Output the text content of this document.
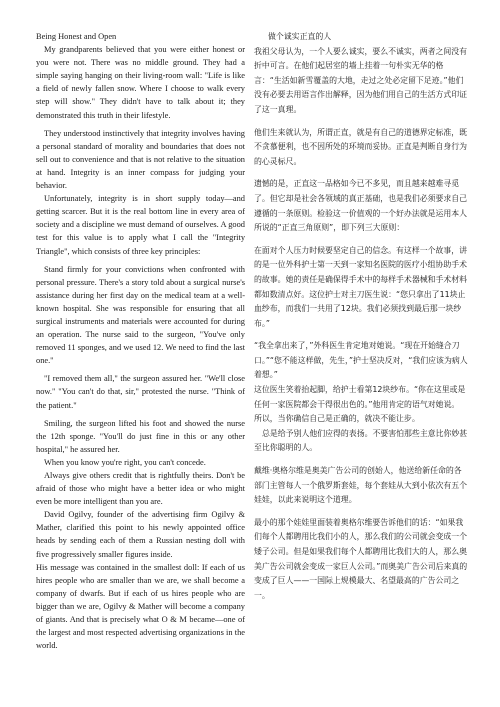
Being Honest and Open
My grandparents believed that you were either honest or you were not. There was no middle ground. They had a simple saying hanging on their living-room wall: "Life is like a field of newly fallen snow. Where I choose to walk every step will show." They didn't have to talk about it; they demonstrated this truth in their lifestyle.
They understood instinctively that integrity involves having a personal standard of morality and boundaries that does not sell out to convenience and that is not relative to the situation at hand. Integrity is an inner compass for judging your behavior.
Unfortunately, integrity is in short supply today—and getting scarcer. But it is the real bottom line in every area of society and a discipline we must demand of ourselves. A good test for this value is to apply what I call the "Integrity Triangle", which consists of three key principles:
Stand firmly for your convictions when confronted with personal pressure. There's a story told about a surgical nurse's assistance during her first day on the medical team at a well-known hospital. She was responsible for ensuring that all surgical instruments and materials were accounted for during an operation. The nurse said to the surgeon, "You've only removed 11 sponges, and we used 12. We need to find the last one."
"I removed them all," the surgeon assured her. "We'll close now." "You can't do that, sir," protested the nurse. "Think of the patient."
Smiling, the surgeon lifted his foot and showed the nurse the 12th sponge. "You'll do just fine in this or any other hospital," he assured her.
When you know you're right, you can't concede.
Always give others credit that is rightfully theirs. Don't be afraid of those who might have a better idea or who might even be more intelligent than you are.
David Ogilvy, founder of the advertising firm Ogilvy & Mather, clarified this point to his newly appointed office heads by sending each of them a Russian nesting doll with five progressively smaller figures inside.
His message was contained in the smallest doll: If each of us hires people who are smaller than we are, we shall become a company of dwarfs. But if each of us hires people who are bigger than we are, Ogilvy & Mather will become a company of giants. And that is precisely what O & M became—one of the largest and most respected advertising organizations in the world.
做个诚实正直的人
我祖父母认为，一个人要么诚实，要么不诚实，两者之间没有折中可言。在他们起居室的墙上挂着一句朴实无华的格言：“生活如新雪覆盖的大地，走过之处必定留下足迹。”他们没有必要去用语言作出解释，因为他们用自己的生活方式印证了这一真理。
他们生来就认为，所谓正直，就是有自己的道德界定标准，既不贪慕便利，也不因所处的环境而妥协。正直是判断自身行为的心灵标尺。
遗憾的是，正直这一品格如今已不多见，而且越来越难寻觅了。但它却是社会各领域的真正基础，也是我们必须要求自己遵循的一条原则。检验这一价值观的一个好办法就是运用本人所说的“正直三角原则”，即下列三大原则：
在面对个人压力时候要坚定自己的信念。有这样一个故事，讲的是一位外科护士第一天到一家知名医院的医疗小组协助手术的故事。她的责任是确保得手术中的每样手术器械和手术材料都如数清点好。这位护士对主刀医生说：“您只拿出了11块止血纱布，而我们一共用了12块。我们必须找到最后那一块纱布。”
“我全拿出来了，”外科医生肯定地对她说。“现在开始缝合刀口。”“您不能这样做，先生，”护士坚决反对，“我们应该为病人着想。”
这位医生笑着抬起脚，给护士看第12块纱布。“你在这里或是任何一家医院都会干得很出色的。”他用肯定的语气对她说。
所以，当你确信自己是正确的，就决不能让步。
总是给予别人他们应得的表扬。不要害怕那些主意比你妙甚至比你聪明的人。
戴维·奥格尔维是奥美广告公司的创始人，他送给新任命的各部门主管每人一个俄罗斯套娃，每个套娃从大到小依次有五个娃娃，以此来说明这个道理。
最小的那个娃娃里面装着奥格尔维要告诉他们的话：“如果我们每个人都聘用比我们小的人，那么我们的公司就会变成一个矮子公司。但是如果我们每个人都聘用比我们大的人，那么奥美广告公司就会变成一家巨人公司。”而奥美广告公司后来真的变成了巨人——一国际上规模最大、名望最高的广告公司之一。
